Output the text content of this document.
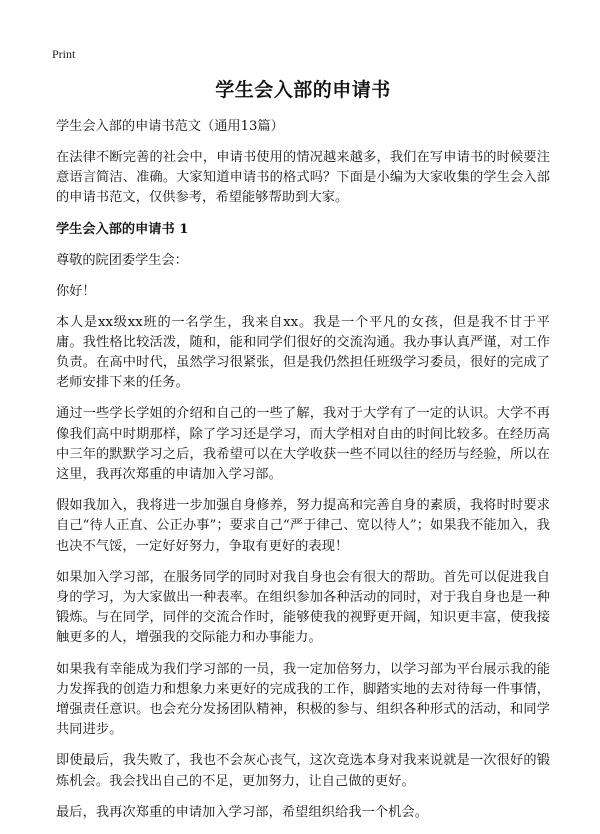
Print
学生会入部的申请书
学生会入部的申请书范文（通用13篇）

在法律不断完善的社会中，申请书使用的情况越来越多，我们在写申请书的时候要注意语言简洁、准确。大家知道申请书的格式吗？下面是小编为大家收集的学生会入部的申请书范文，仅供参考，希望能够帮助到大家。

学生会入部的申请书 1
尊敬的院团委学生会：
你好！

本人是xx级xx班的一名学生，我来自xx。我是一个平凡的女孩，但是我不甘于平庸。我性格比较活泼，随和，能和同学们很好的交流沟通。我办事认真严谨，对工作负责。在高中时代，虽然学习很紧张，但是我仍然担任班级学习委员，很好的完成了老师安排下来的任务。

通过一些学长学姐的介绍和自己的一些了解，我对于大学有了一定的认识。大学不再像我们高中时期那样，除了学习还是学习，而大学相对自由的时间比较多。在经历高中三年的默默学习之后，我希望可以在大学收获一些不同以往的经历与经验，所以在这里，我再次郑重的申请加入学习部。

假如我加入，我将进一步加强自身修养，努力提高和完善自身的素质，我将时时要求自己“待人正直、公正办事”；要求自己“严于律己、宽以待人”；如果我不能加入，我也决不气馁，一定好好努力，争取有更好的表现！

如果加入学习部，在服务同学的同时对我自身也会有很大的帮助。首先可以促进我自身的学习，为大家做出一种表率。在组织参加各种活动的同时，对于我自身也是一种锻炼。与在同学，同伴的交流合作时，能够使我的视野更开阔，知识更丰富，使我接触更多的人，增强我的交际能力和办事能力。

如果我有幸能成为我们学习部的一员，我一定加倍努力，以学习部为平台展示我的能力发挥我的创造力和想象力来更好的完成我的工作，脚踏实地的去对待每一件事情，增强责任意识。也会充分发扬团队精神，积极的参与、组织各种形式的活动，和同学共同进步。

即使最后，我失败了，我也不会灰心丧气，这次竞选本身对我来说就是一次很好的锻炼机会。我会找出自己的不足，更加努力，让自己做的更好。

最后，我再次郑重的申请加入学习部，希望组织给我一个机会。
